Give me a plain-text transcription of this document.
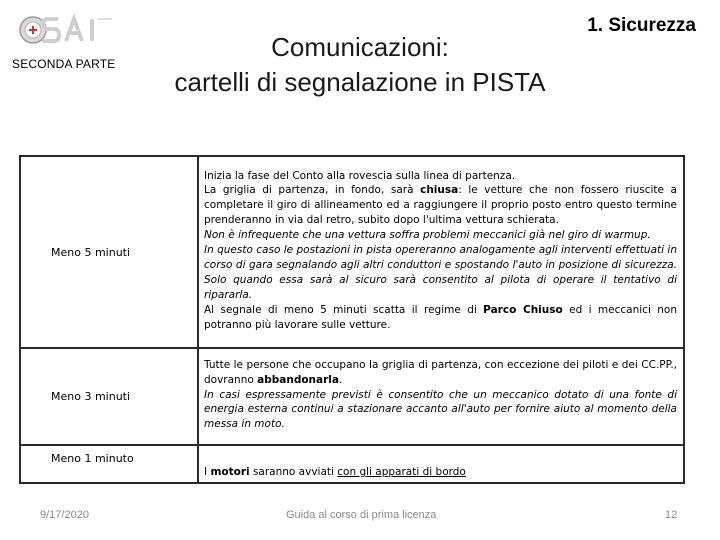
SECONDA PARTE
1. Sicurezza
Comunicazioni:
cartelli di segnalazione in PISTA
Meno 5 minuti	Inizia la fase del Conto alla rovescia sulla linea di partenza.

La griglia di partenza, in fondo, sarà chiusa: le vetture che non fossero riuscite a completare il giro di allineamento ed a raggiungere il proprio posto entro questo termine prenderanno in via dal retro, subito dopo l'ultima vettura schierata.

Non è infrequente che una vettura soffra problemi meccanici già nel giro di warmup.

In questo caso le postazioni in pista opereranno analogamente agli interventi effettuati in corso di gara segnalando agli altri conduttori e spostando l'auto in posizione di sicurezza. Solo quando essa sarà al sicuro sarà consentito al pilota di operare il tentativo di ripararla.

Al segnale di meno 5 minuti scatta il regime di Parco Chiuso ed i meccanici non potranno più lavorare sulle vetture.

Meno 3 minuti	Tutte le persone che occupano la griglia di partenza, con eccezione dei piloti e dei CC.PP., dovranno abbandonarla.

In casi espressamente previsti è consentito che un meccanico dotato di una fonte di energia esterna continui a stazionare accanto all'auto per fornire aiuto al momento della messa in moto.

Meno 1 minuto	I motori saranno avviati con gli apparati di bordo

9/17/2020	Guida al corso di prima licenza	12
